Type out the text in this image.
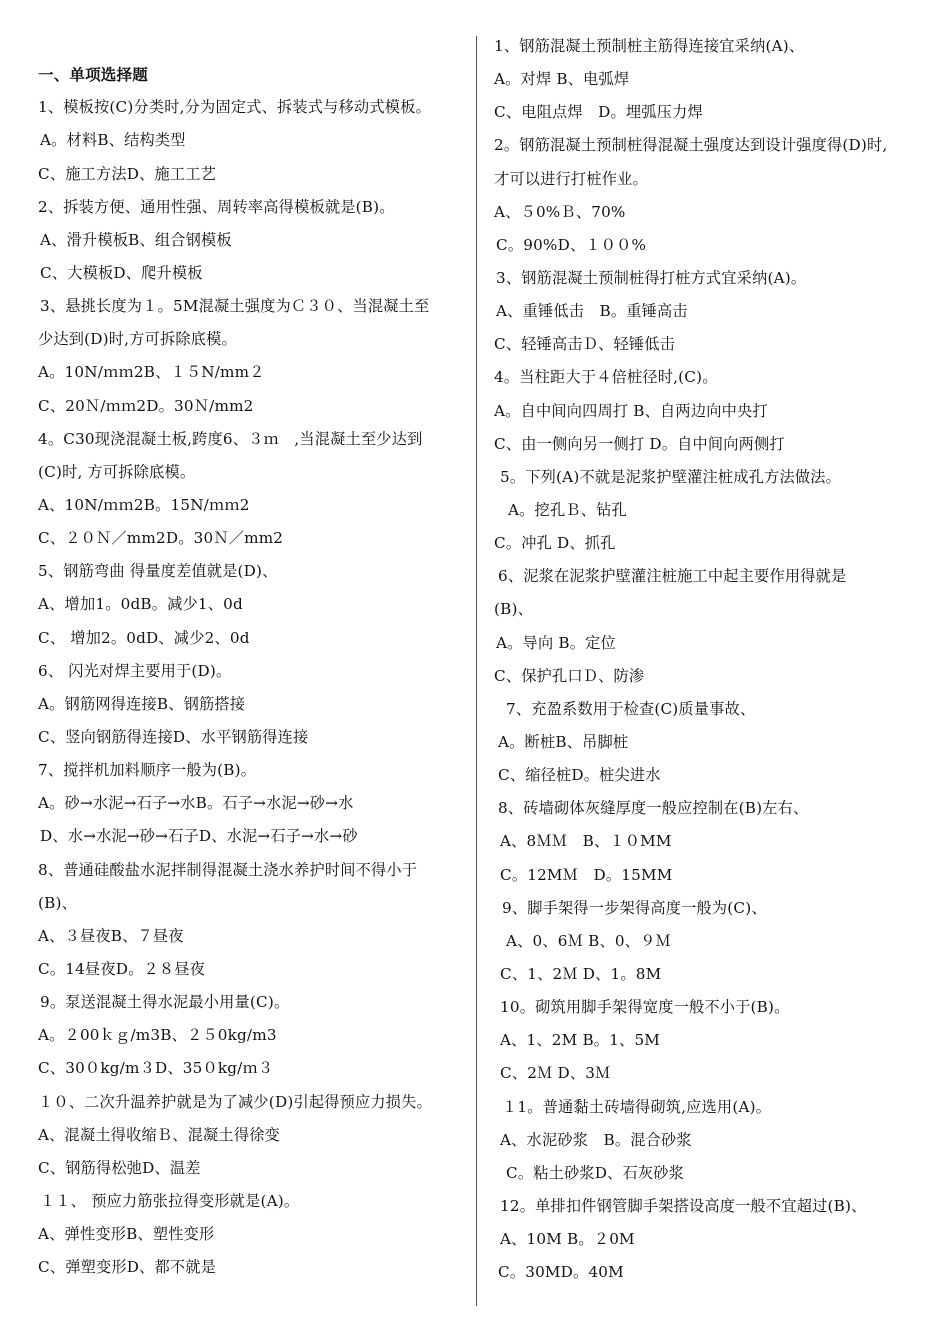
一、单项选择题
1、模板按(C)分类时,分为固定式、拆装式与移动式模板。
A。材料B、结构类型
C、施工方法D、施工工艺
2、拆装方便、通用性强、周转率高得模板就是(B)。
A、滑升模板B、组合钢模板
C、大模板D、爬升模板
3、悬挑长度为１。5M混凝土强度为Ｃ３０、当混凝土至
少达到(D)时,方可拆除底模。
A。10N/ｍｍ2B、１５N/mm２
C、20Ｎ/ｍｍ2D。30Ｎ/mm2
4。C30现浇混凝土板,跨度6、３ｍ　,当混凝土至少达到
(C)时, 方可拆除底模。
A、10N/ｍｍ2B。15N/ｍｍ2
C、２０Ｎ／mm2D。30Ｎ／mm2
5、钢筋弯曲 得量度差值就是(D)、
A、增加1。0dB。减少1、0d
C、 增加2。0dD、减少2、0d
6、 闪光对焊主要用于(D)。
A。钢筋网得连接B、钢筋搭接
C、竖向钢筋得连接D、水平钢筋得连接
7、搅拌机加料顺序一般为(B)。
A。砂→水泥→石子→水B。石子→水泥→砂→水
D、水→水泥→砂→石子D、水泥→石子→水→砂
8、普通硅酸盐水泥拌制得混凝土浇水养护时间不得小于
(B)、
A、３昼夜B、７昼夜
C。14昼夜D。２８昼夜
9。泵送混凝土得水泥最小用量(C)。
A。２00ｋｇ/m3B、２５0kg/m3
C、30０kg/m３D、35０kg/ｍ３
１０、二次升温养护就是为了减少(D)引起得预应力损失。
A、混凝土得收缩Ｂ、混凝土得徐变
C、钢筋得松弛D、温差
１１、 预应力筋张拉得变形就是(A)。
A、弹性变形B、塑性变形
C、弹塑变形D、都不就是
1、钢筋混凝土预制桩主筋得连接宜采纳(A)、
A。对焊 B、电弧焊
C、电阻点焊　D。埋弧压力焊
2。钢筋混凝土预制桩得混凝土强度达到设计强度得(D)时,
才可以进行打桩作业。
A、５0%Ｂ、70%
C。90%D、１００%
3、钢筋混凝土预制桩得打桩方式宜采纳(A)。
A、重锤低击　B。重锤高击
C、轻锤高击Ｄ、轻锤低击
4。当柱距大于４倍桩径时,(C)。
A。自中间向四周打 B、自两边向中央打
C、由一侧向另一侧打 D。自中间向两侧打
5。下列(A)不就是泥浆护壁灌注桩成孔方法做法。
A。挖孔Ｂ、钻孔
C。冲孔 D、抓孔
6、泥浆在泥浆护壁灌注桩施工中起主要作用得就是
(B)、
A。导向 B。定位
C、保护孔口Ｄ、防渗
7、充盈系数用于检查(C)质量事故、
A。断桩B、吊脚桩
C、缩径桩D。桩尖进水
8、砖墙砌体灰缝厚度一般应控制在(B)左右、
A、8ＭＭ　B、１０MM
C。12MＭ　D。15MM
9、脚手架得一步架得高度一般为(C)、
A、0、6Ｍ B、0、９Ｍ
C、1、2Ｍ D、1。8M
10。砌筑用脚手架得宽度一般不小于(B)。
A、1、2M B。1、5M
C、2Ｍ D、3Ｍ
１1。普通黏土砖墙得砌筑,应选用(A)。
A、水泥砂浆　B。混合砂浆
C。粘土砂浆D、石灰砂浆
12。单排扣件钢管脚手架搭设高度一般不宜超过(B)、
A、10M B。２0M
C。30MD。40M
